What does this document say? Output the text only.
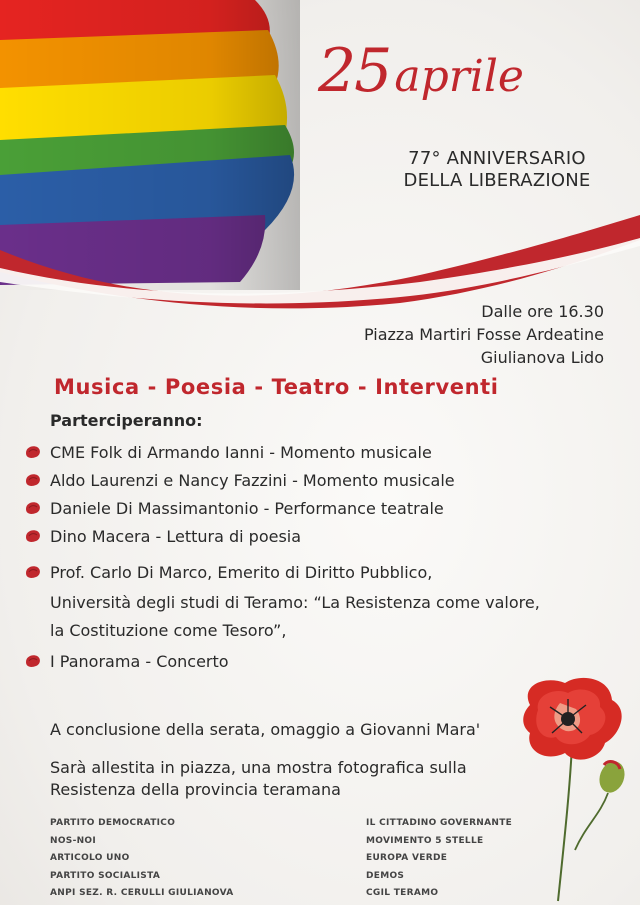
25aprile
77° ANNIVERSARIO
DELLA LIBERAZIONE
Dalle ore 16.30
Piazza Martiri Fosse Ardeatine
Giulianova Lido
Musica - Poesia - Teatro - Interventi
Parterciperanno:
CME Folk di Armando Ianni - Momento musicale
Aldo Laurenzi e Nancy Fazzini - Momento musicale
Daniele Di Massimantonio - Performance teatrale
Dino Macera - Lettura di poesia
Prof. Carlo Di Marco, Emerito di Diritto Pubblico,
Università degli studi di Teramo: “La Resistenza come valore,
la Costituzione come Tesoro”,
I Panorama - Concerto
A conclusione della serata, omaggio a Giovanni Mara'
Sarà allestita in piazza, una mostra fotografica sulla
Resistenza della provincia teramana
PARTITO DEMOCRATICO
NOS-NOI
ARTICOLO UNO
PARTITO SOCIALISTA
ANPI SEZ. R. CERULLI GIULIANOVA
IL CITTADINO GOVERNANTE
MOVIMENTO 5 STELLE
EUROPA VERDE
DEMOS
CGIL TERAMO
